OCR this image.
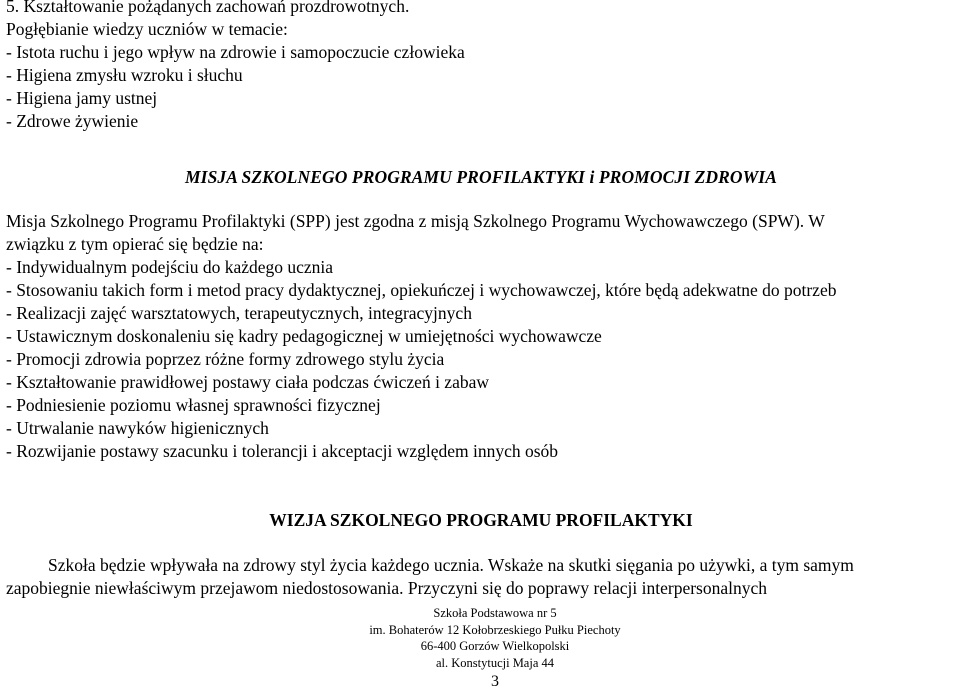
5. Kształtowanie pożądanych zachowań prozdrowotnych.
Pogłębianie wiedzy uczniów w temacie:
- Istota ruchu i jego wpływ na zdrowie i samopoczucie człowieka
- Higiena zmysłu wzroku i słuchu
- Higiena jamy ustnej
- Zdrowe żywienie
MISJA SZKOLNEGO PROGRAMU PROFILAKTYKI i PROMOCJI ZDROWIA
Misja Szkolnego Programu Profilaktyki (SPP) jest zgodna z misją Szkolnego Programu Wychowawczego (SPW). W
związku z tym opierać się będzie na:
- Indywidualnym podejściu do każdego ucznia
- Stosowaniu takich form i metod pracy dydaktycznej, opiekuńczej i wychowawczej, które będą adekwatne do potrzeb
- Realizacji zajęć warsztatowych, terapeutycznych, integracyjnych
- Ustawicznym doskonaleniu się kadry pedagogicznej w umiejętności wychowawcze
- Promocji zdrowia poprzez różne formy zdrowego stylu życia
- Kształtowanie prawidłowej postawy ciała podczas ćwiczeń i zabaw
- Podniesienie poziomu własnej sprawności fizycznej
- Utrwalanie nawyków higienicznych
- Rozwijanie postawy szacunku i tolerancji i akceptacji względem innych osób
WIZJA SZKOLNEGO PROGRAMU PROFILAKTYKI
Szkoła będzie wpływała na zdrowy styl życia każdego ucznia. Wskaże na skutki sięgania po używki, a tym samym
zapobiegnie niewłaściwym przejawom niedostosowania. Przyczyni się do poprawy relacji interpersonalnych
Szkoła Podstawowa nr 5
im. Bohaterów 12 Kołobrzeskiego Pułku Piechoty
66-400 Gorzów Wielkopolski
al. Konstytucji Maja 44
3
